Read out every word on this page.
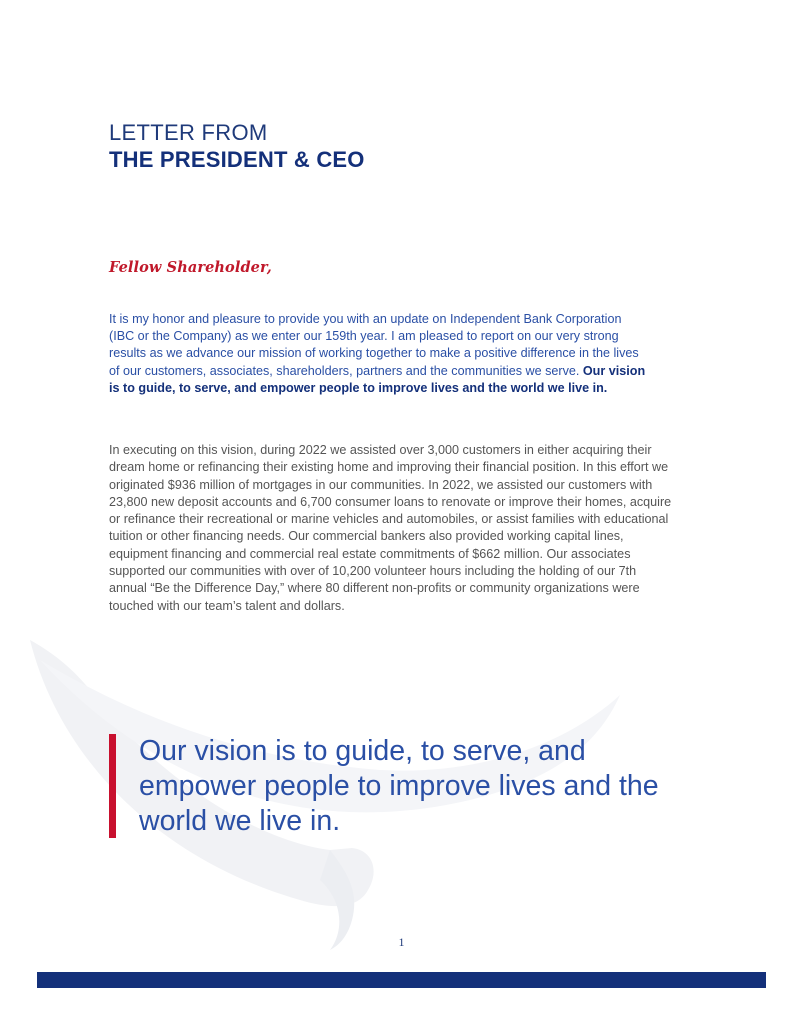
LETTER FROM
THE PRESIDENT & CEO
Fellow Shareholder,

It is my honor and pleasure to provide you with an update on Independent Bank Corporation (IBC or the Company) as we enter our 159th year. I am pleased to report on our very strong results as we advance our mission of working together to make a positive difference in the lives of our customers, associates, shareholders, partners and the communities we serve. Our vision is to guide, to serve, and empower people to improve lives and the world we live in.

In executing on this vision, during 2022 we assisted over 3,000 customers in either acquiring their dream home or refinancing their existing home and improving their financial position. In this effort we originated $936 million of mortgages in our communities. In 2022, we assisted our customers with 23,800 new deposit accounts and 6,700 consumer loans to renovate or improve their homes, acquire or refinance their recreational or marine vehicles and automobiles, or assist families with educational tuition or other financing needs. Our commercial bankers also provided working capital lines, equipment financing and commercial real estate commitments of $662 million. Our associates supported our communities with over of 10,200 volunteer hours including the holding of our 7th annual “Be the Difference Day,” where 80 different non-profits or community organizations were touched with our team’s talent and dollars.

Our vision is to guide, to serve, and empower people to improve lives and the world we live in.

1
